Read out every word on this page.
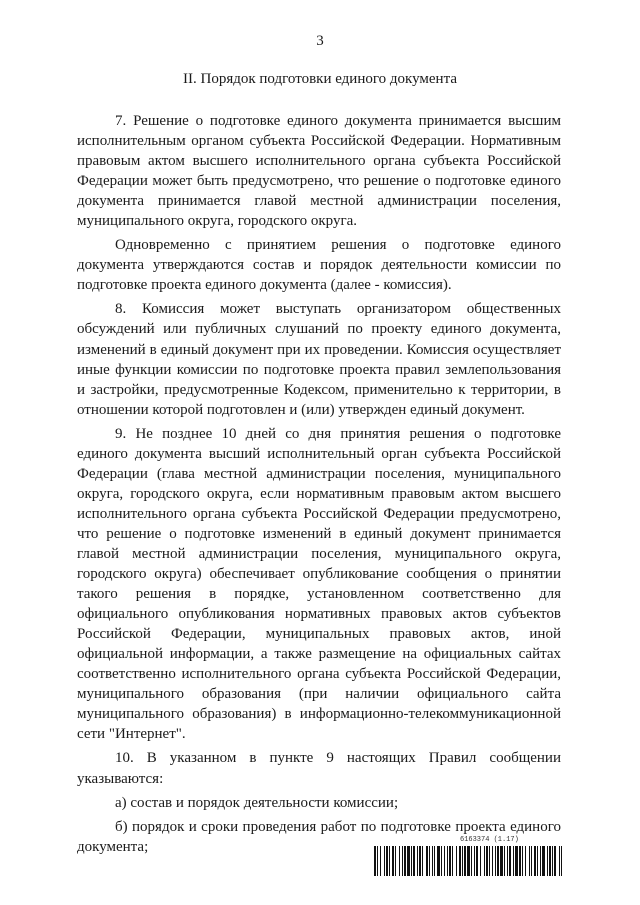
3
II. Порядок подготовки единого документа

7. Решение о подготовке единого документа принимается высшим исполнительным органом субъекта Российской Федерации. Нормативным правовым актом высшего исполнительного органа субъекта Российской Федерации может быть предусмотрено, что решение о подготовке единого документа принимается главой местной администрации поселения, муниципального округа, городского округа.

Одновременно с принятием решения о подготовке единого документа утверждаются состав и порядок деятельности комиссии по подготовке проекта единого документа (далее - комиссия).

8. Комиссия может выступать организатором общественных обсуждений или публичных слушаний по проекту единого документа, изменений в единый документ при их проведении. Комиссия осуществляет иные функции комиссии по подготовке проекта правил землепользования и застройки, предусмотренные Кодексом, применительно к территории, в отношении которой подготовлен и (или) утвержден единый документ.

9. Не позднее 10 дней со дня принятия решения о подготовке единого документа высший исполнительный орган субъекта Российской Федерации (глава местной администрации поселения, муниципального округа, городского округа, если нормативным правовым актом высшего исполнительного органа субъекта Российской Федерации предусмотрено, что решение о подготовке изменений в единый документ принимается главой местной администрации поселения, муниципального округа, городского округа) обеспечивает опубликование сообщения о принятии такого решения в порядке, установленном соответственно для официального опубликования нормативных правовых актов субъектов Российской Федерации, муниципальных правовых актов, иной официальной информации, а также размещение на официальных сайтах соответственно исполнительного органа субъекта Российской Федерации, муниципального образования (при наличии официального сайта муниципального образования) в информационно-телекоммуникационной сети "Интернет".

10. В указанном в пункте 9 настоящих Правил сообщении указываются:

а) состав и порядок деятельности комиссии;

б) порядок и сроки проведения работ по подготовке проекта единого документа;	6163374 (1.17)
